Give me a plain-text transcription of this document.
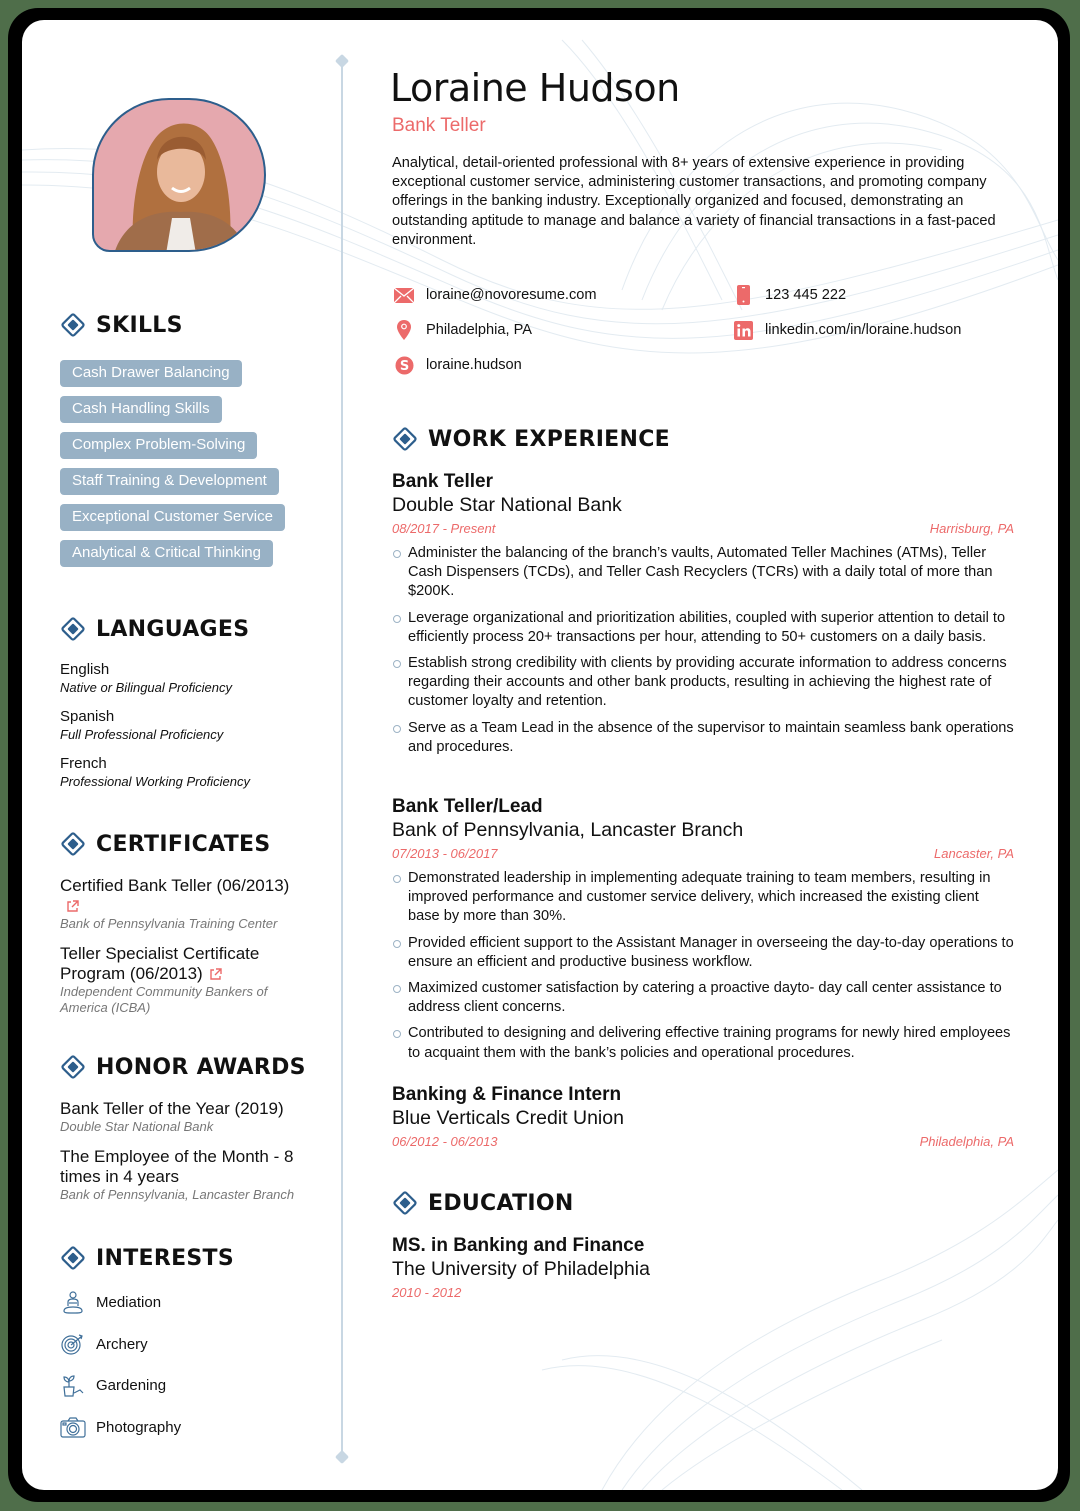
SKILLS
Cash Drawer Balancing
Cash Handling Skills
Complex Problem-Solving
Staff Training & Development
Exceptional Customer Service
Analytical & Critical Thinking
LANGUAGES
English
Native or Bilingual Proficiency
Spanish
Full Professional Proficiency
French
Professional Working Proficiency
CERTIFICATES
Certified Bank Teller (06/2013)

Bank of Pennsylvania Training Center
Teller Specialist Certificate Program (06/2013)
Independent Community Bankers of America (ICBA)
HONOR AWARDS
Bank Teller of the Year (2019)
Double Star National Bank
The Employee of the Month - 8 times in 4 years
Bank of Pennsylvania, Lancaster Branch
INTERESTS
Mediation
Archery
Gardening
Photography
Loraine Hudson
Bank Teller
Analytical, detail-oriented professional with 8+ years of extensive experience in providing exceptional customer service, administering customer transactions, and promoting company offerings in the banking industry. Exceptionally organized and focused, demonstrating an outstanding aptitude to manage and balance a variety of financial transactions in a fast-paced environment.
loraine@novoresume.com	123 445 222
Philadelphia, PA	linkedin.com/in/loraine.hudson
S loraine.hudson
WORK EXPERIENCE
Bank Teller
Double Star National Bank
08/2017 - Present	Harrisburg, PA
Administer the balancing of the branch’s vaults, Automated Teller Machines (ATMs), Teller Cash Dispensers (TCDs), and Teller Cash Recyclers (TCRs) with a daily total of more than $200K.
Leverage organizational and prioritization abilities, coupled with superior attention to detail to efficiently process 20+ transactions per hour, attending to 50+ customers on a daily basis.
Establish strong credibility with clients by providing accurate information to address concerns regarding their accounts and other bank products, resulting in achieving the highest rate of customer loyalty and retention.
Serve as a Team Lead in the absence of the supervisor to maintain seamless bank operations and procedures.
Bank Teller/Lead
Bank of Pennsylvania, Lancaster Branch
07/2013 - 06/2017	Lancaster, PA
Demonstrated leadership in implementing adequate training to team members, resulting in improved performance and customer service delivery, which increased the existing client base by more than 30%.
Provided efficient support to the Assistant Manager in overseeing the day-to-day operations to ensure an efficient and productive business workflow.
Maximized customer satisfaction by catering a proactive dayto- day call center assistance to address client concerns.
Contributed to designing and delivering effective training programs for newly hired employees to acquaint them with the bank’s policies and operational procedures.
Banking & Finance Intern
Blue Verticals Credit Union
06/2012 - 06/2013	Philadelphia, PA
EDUCATION
MS. in Banking and Finance
The University of Philadelphia
2010 - 2012
